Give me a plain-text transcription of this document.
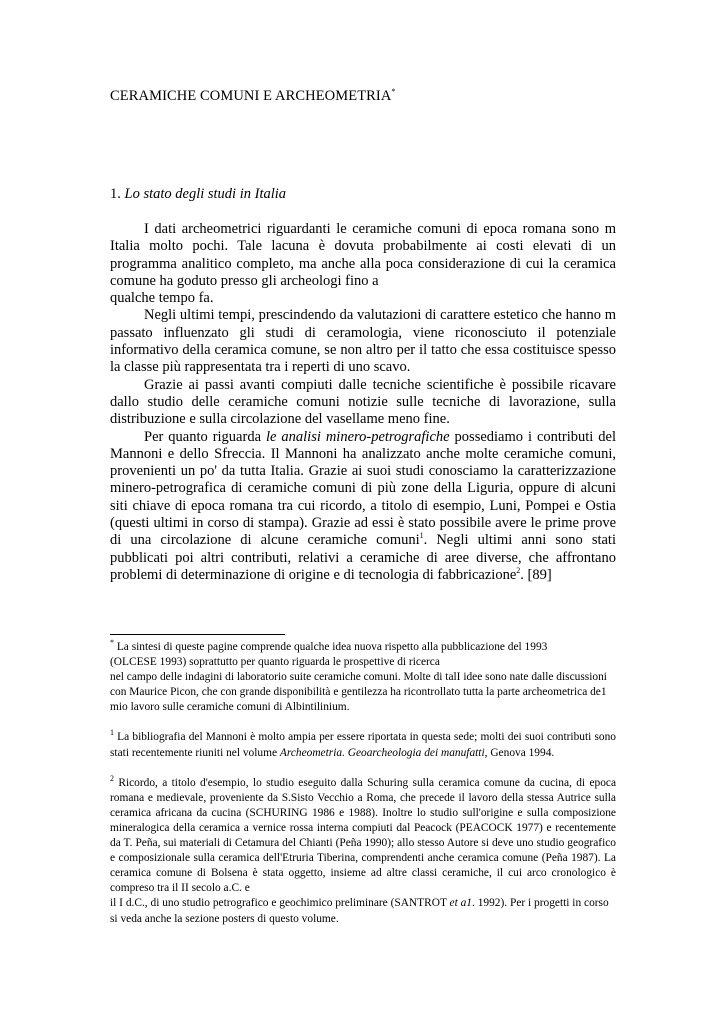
CERAMICHE COMUNI E ARCHEOMETRIA*
1. Lo stato degli studi in Italia

I dati archeometrici riguardanti le ceramiche comuni di epoca romana sono m Italia molto pochi. Tale lacuna è dovuta probabilmente ai costi elevati di un programma analitico completo, ma anche alla poca considerazione di cui la ceramica comune ha goduto presso gli archeologi fino a

qualche tempo fa.

Negli ultimi tempi, prescindendo da valutazioni di carattere estetico che hanno m passato influenzato gli studi di ceramologia, viene riconosciuto il potenziale informativo della ceramica comune, se non altro per il tatto che essa costituisce spesso la classe più rappresentata tra i reperti di uno scavo.

Grazie ai passi avanti compiuti dalle tecniche scientifiche è possibile ricavare dallo studio delle ceramiche comuni notizie sulle tecniche di lavorazione, sulla distribuzione e sulla circolazione del vasellame meno fine.

Per quanto riguarda le analisi minero-petrografiche possediamo i contributi del Mannoni e dello Sfreccia. Il Mannoni ha analizzato anche molte ceramiche comuni, provenienti un po' da tutta Italia. Grazie ai suoi studi conosciamo la caratterizzazione minero-petrografica di ceramiche comuni di più zone della Liguria, oppure di alcuni siti chiave di epoca romana tra cui ricordo, a titolo di esempio, Luni, Pompei e Ostia (questi ultimi in corso di stampa). Grazie ad essi è stato possibile avere le prime prove di una circolazione di alcune ceramiche comuni$^1$. Negli ultimi anni sono stati pubblicati poi altri contributi, relativi a ceramiche di aree diverse, che affrontano problemi di determinazione di origine e di tecnologia di fabbricazione$^2$. [89]

* La sintesi di queste pagine comprende qualche idea nuova rispetto alla pubblicazione del 1993

(OLCESE 1993) soprattutto per quanto riguarda le prospettive di ricerca

nel campo delle indagini di laboratorio suite ceramiche comuni. Molte di talI idee sono nate dalle discussioni con Maurice Picon, che con grande disponibilità e gentilezza ha ricontrollato tutta la parte archeometrica de1 mio lavoro sulle ceramiche comuni di Albintilinium.

$^1$ La bibliografia del Mannoni è molto ampia per essere riportata in questa sede; molti dei suoi contributi sono stati recentemente riuniti nel volume Archeometria. Geoarcheologia dei manufatti, Genova 1994.

$^2$ Ricordo, a titolo d'esempio, lo studio eseguito dalla Schuring sulla ceramica comune da cucina, di epoca romana e medievale, proveniente da S.Sisto Vecchio a Roma, che precede il lavoro della stessa Autrice sulla ceramica africana da cucina (SCHURING 1986 e 1988). Inoltre lo studio sull'origine e sulla composizione mineralogica della ceramica a vernice rossa interna compiuti dal Peacock (PEACOCK 1977) e recentemente da T. Peña, sui materiali di Cetamura del Chianti (Peña 1990); allo stesso Autore si deve uno studio geografico e composizionale sulla ceramica dell'Etruria Tiberina, comprendenti anche ceramica comune (Peña 1987). La ceramica comune di Bolsena è stata oggetto, insieme ad altre classi ceramiche, il cui arco cronologico è compreso tra il II secolo a.C. e

il I d.C., di uno studio petrografico e geochimico preliminare (SANTROT et a1. 1992). Per i progetti in corso si veda anche la sezione posters di questo volume.
